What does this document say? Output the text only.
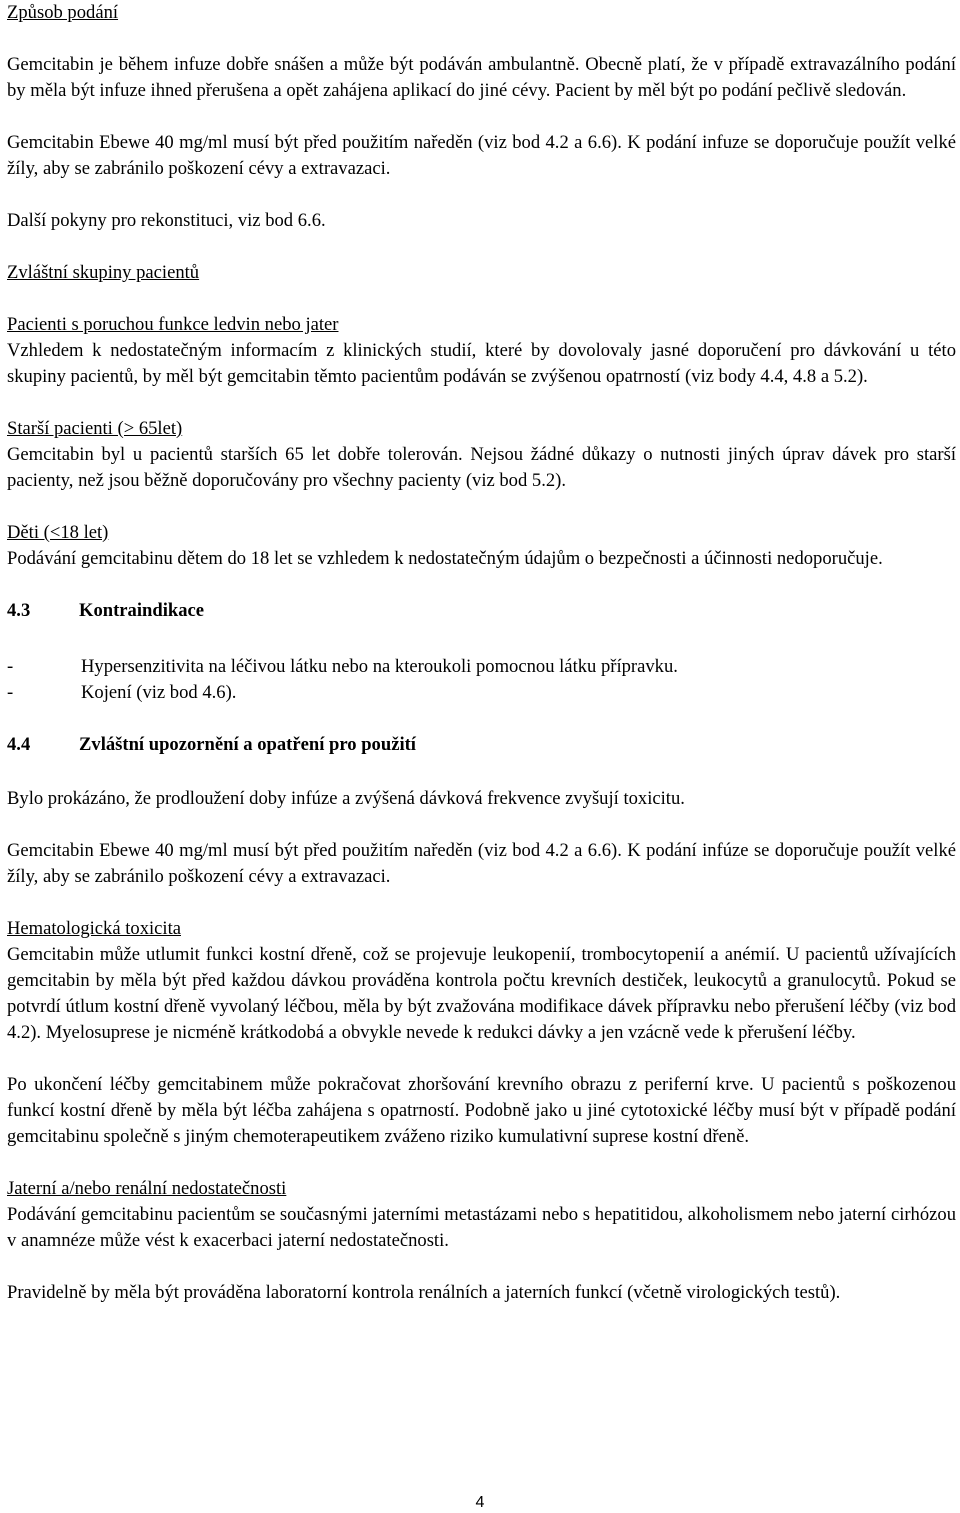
Způsob podání

Gemcitabin je během infuze dobře snášen a může být podáván ambulantně. Obecně platí, že v případě extravazálního podání by měla být infuze ihned přerušena a opět zahájena aplikací do jiné cévy. Pacient by měl být po podání pečlivě sledován.

Gemcitabin Ebewe 40 mg/ml musí být před použitím naředěn (viz bod 4.2 a 6.6). K podání infuze se doporučuje použít velké žíly, aby se zabránilo poškození cévy a extravazaci.

Další pokyny pro rekonstituci, viz bod 6.6.

Zvláštní skupiny pacientů

Pacienti s poruchou funkce ledvin nebo jater

Vzhledem k nedostatečným informacím z klinických studií, které by dovolovaly jasné doporučení pro dávkování u této skupiny pacientů, by měl být gemcitabin těmto pacientům podáván se zvýšenou opatrností (viz body 4.4, 4.8 a 5.2).

Starší pacienti (> 65let)

Gemcitabin byl u pacientů starších 65 let dobře tolerován. Nejsou žádné důkazy o nutnosti jiných úprav dávek pro starší pacienty, než jsou běžně doporučovány pro všechny pacienty (viz bod 5.2).

Děti (<18 let)

Podávání gemcitabinu dětem do 18 let se vzhledem k nedostatečným údajům o bezpečnosti a účinnosti nedoporučuje.

4.3	Kontraindikace
-	Hypersenzitivita na léčivou látku nebo na kteroukoli pomocnou látku přípravku.
-	Kojení (viz bod 4.6).
4.4	Zvláštní upozornění a opatření pro použití

Bylo prokázáno, že prodloužení doby infúze a zvýšená dávková frekvence zvyšují toxicitu.

Gemcitabin Ebewe 40 mg/ml musí být před použitím naředěn (viz bod 4.2 a 6.6). K podání infúze se doporučuje použít velké žíly, aby se zabránilo poškození cévy a extravazaci.

Hematologická toxicita

Gemcitabin může utlumit funkci kostní dřeně, což se projevuje leukopenií, trombocytopenií a anémií. U pacientů užívajících gemcitabin by měla být před každou dávkou prováděna kontrola počtu krevních destiček, leukocytů a granulocytů. Pokud se potvrdí útlum kostní dřeně vyvolaný léčbou, měla by být zvažována modifikace dávek přípravku nebo přerušení léčby (viz bod 4.2). Myelosuprese je nicméně krátkodobá a obvykle nevede k redukci dávky a jen vzácně vede k přerušení léčby.

Po ukončení léčby gemcitabinem může pokračovat zhoršování krevního obrazu z periferní krve. U pacientů s poškozenou funkcí kostní dřeně by měla být léčba zahájena s opatrností. Podobně jako u jiné cytotoxické léčby musí být v případě podání gemcitabinu společně s jiným chemoterapeutikem zváženo riziko kumulativní suprese kostní dřeně.

Jaterní a/nebo renální nedostatečnosti

Podávání gemcitabinu pacientům se současnými jaterními metastázami nebo s hepatitidou, alkoholismem nebo jaterní cirhózou v anamnéze může vést k exacerbaci jaterní nedostatečnosti.

Pravidelně by měla být prováděna laboratorní kontrola renálních a jaterních funkcí (včetně virologických testů).

4
